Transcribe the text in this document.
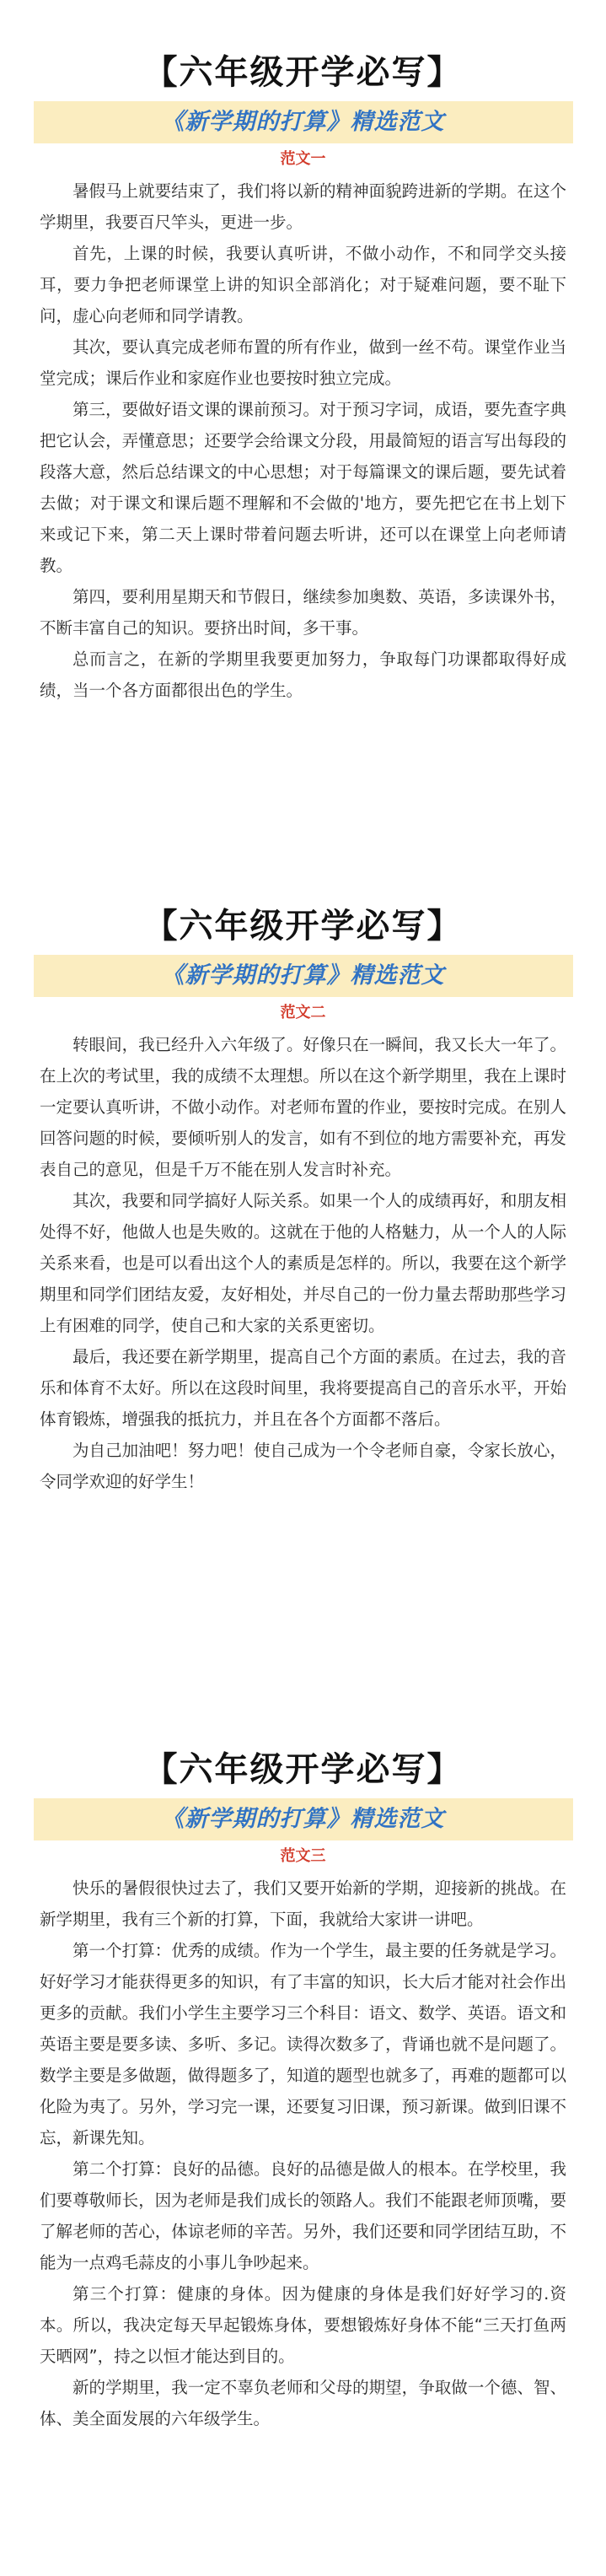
【六年级开学必写】
《新学期的打算》精选范文
范文一

暑假马上就要结束了，我们将以新的精神面貌跨进新的学期。在这个学期里，我要百尺竿头，更进一步。

首先，上课的时候，我要认真听讲，不做小动作，不和同学交头接耳，要力争把老师课堂上讲的知识全部消化；对于疑难问题，要不耻下问，虚心向老师和同学请教。

其次，要认真完成老师布置的所有作业，做到一丝不苟。课堂作业当堂完成；课后作业和家庭作业也要按时独立完成。

第三，要做好语文课的课前预习。对于预习字词，成语，要先查字典把它认会，弄懂意思；还要学会给课文分段，用最简短的语言写出每段的段落大意，然后总结课文的中心思想；对于每篇课文的课后题，要先试着去做；对于课文和课后题不理解和不会做的'地方，要先把它在书上划下来或记下来，第二天上课时带着问题去听讲，还可以在课堂上向老师请教。

第四，要利用星期天和节假日，继续参加奥数、英语，多读课外书，不断丰富自己的知识。要挤出时间，多干事。

总而言之，在新的学期里我要更加努力，争取每门功课都取得好成绩，当一个各方面都很出色的学生。

【六年级开学必写】
《新学期的打算》精选范文
范文二

转眼间，我已经升入六年级了。好像只在一瞬间，我又长大一年了。在上次的考试里，我的成绩不太理想。所以在这个新学期里，我在上课时一定要认真听讲，不做小动作。对老师布置的作业，要按时完成。在别人回答问题的时候，要倾听别人的发言，如有不到位的地方需要补充，再发表自己的意见，但是千万不能在别人发言时补充。

其次，我要和同学搞好人际关系。如果一个人的成绩再好，和朋友相处得不好，他做人也是失败的。这就在于他的人格魅力，从一个人的人际关系来看，也是可以看出这个人的素质是怎样的。所以，我要在这个新学期里和同学们团结友爱，友好相处，并尽自己的一份力量去帮助那些学习上有困难的同学，使自己和大家的关系更密切。

最后，我还要在新学期里，提高自己个方面的素质。在过去，我的音乐和体育不太好。所以在这段时间里，我将要提高自己的音乐水平，开始体育锻炼，增强我的抵抗力，并且在各个方面都不落后。

为自己加油吧！努力吧！使自己成为一个令老师自豪，令家长放心，令同学欢迎的好学生！

【六年级开学必写】
《新学期的打算》精选范文
范文三

快乐的暑假很快过去了，我们又要开始新的学期，迎接新的挑战。在新学期里，我有三个新的打算，下面，我就给大家讲一讲吧。

第一个打算：优秀的成绩。作为一个学生，最主要的任务就是学习。好好学习才能获得更多的知识，有了丰富的知识，长大后才能对社会作出更多的贡献。我们小学生主要学习三个科目：语文、数学、英语。语文和英语主要是要多读、多听、多记。读得次数多了，背诵也就不是问题了。数学主要是多做题，做得题多了，知道的题型也就多了，再难的题都可以化险为夷了。另外，学习完一课，还要复习旧课，预习新课。做到旧课不忘，新课先知。

第二个打算：良好的品德。良好的品德是做人的根本。在学校里，我们要尊敬师长，因为老师是我们成长的领路人。我们不能跟老师顶嘴，要了解老师的苦心，体谅老师的辛苦。另外，我们还要和同学团结互助，不能为一点鸡毛蒜皮的小事儿争吵起来。

第三个打算：健康的身体。因为健康的身体是我们好好学习的.资本。所以，我决定每天早起锻炼身体，要想锻炼好身体不能“三天打鱼两天晒网”，持之以恒才能达到目的。

新的学期里，我一定不辜负老师和父母的期望，争取做一个德、智、体、美全面发展的六年级学生。
